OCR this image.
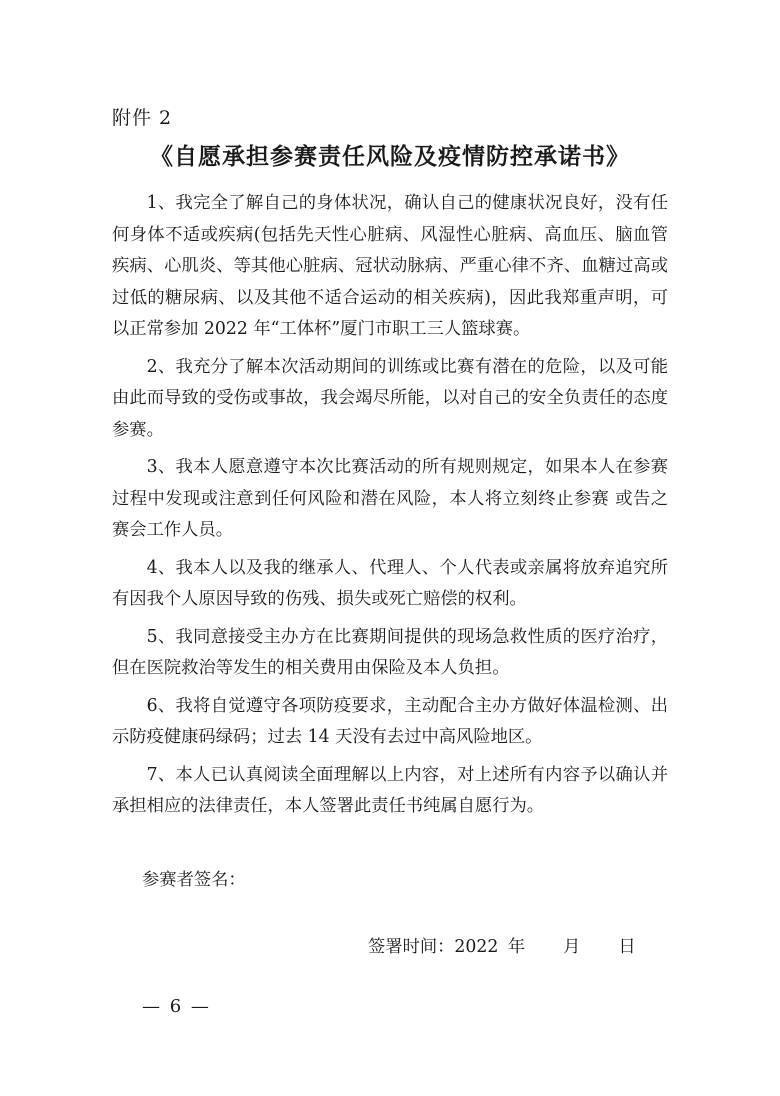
附件 2
《自愿承担参赛责任风险及疫情防控承诺书》

1、我完全了解自己的身体状况，确认自己的健康状况良好，没有任何身体不适或疾病(包括先天性心脏病、风湿性心脏病、高血压、脑血管疾病、心肌炎、等其他心脏病、冠状动脉病、严重心律不齐、血糖过高或过低的糖尿病、以及其他不适合运动的相关疾病)，因此我郑重声明，可以正常参加 2022 年“工体杯”厦门市职工三人篮球赛。

2、我充分了解本次活动期间的训练或比赛有潜在的危险，以及可能由此而导致的受伤或事故，我会竭尽所能，以对自己的安全负责任的态度参赛。

3、我本人愿意遵守本次比赛活动的所有规则规定，如果本人在参赛过程中发现或注意到任何风险和潜在风险，本人将立刻终止参赛 或告之赛会工作人员。

4、我本人以及我的继承人、代理人、个人代表或亲属将放弃追究所有因我个人原因导致的伤残、损失或死亡赔偿的权利。

5、我同意接受主办方在比赛期间提供的现场急救性质的医疗治疗，但在医院救治等发生的相关费用由保险及本人负担。

6、我将自觉遵守各项防疫要求，主动配合主办方做好体温检测、出示防疫健康码绿码；过去 14 天没有去过中高风险地区。

7、本人已认真阅读全面理解以上内容，对上述所有内容予以确认并承担相应的法律责任，本人签署此责任书纯属自愿行为。

参赛者签名：
签署时间：2022 年    月    日
— 6 —
